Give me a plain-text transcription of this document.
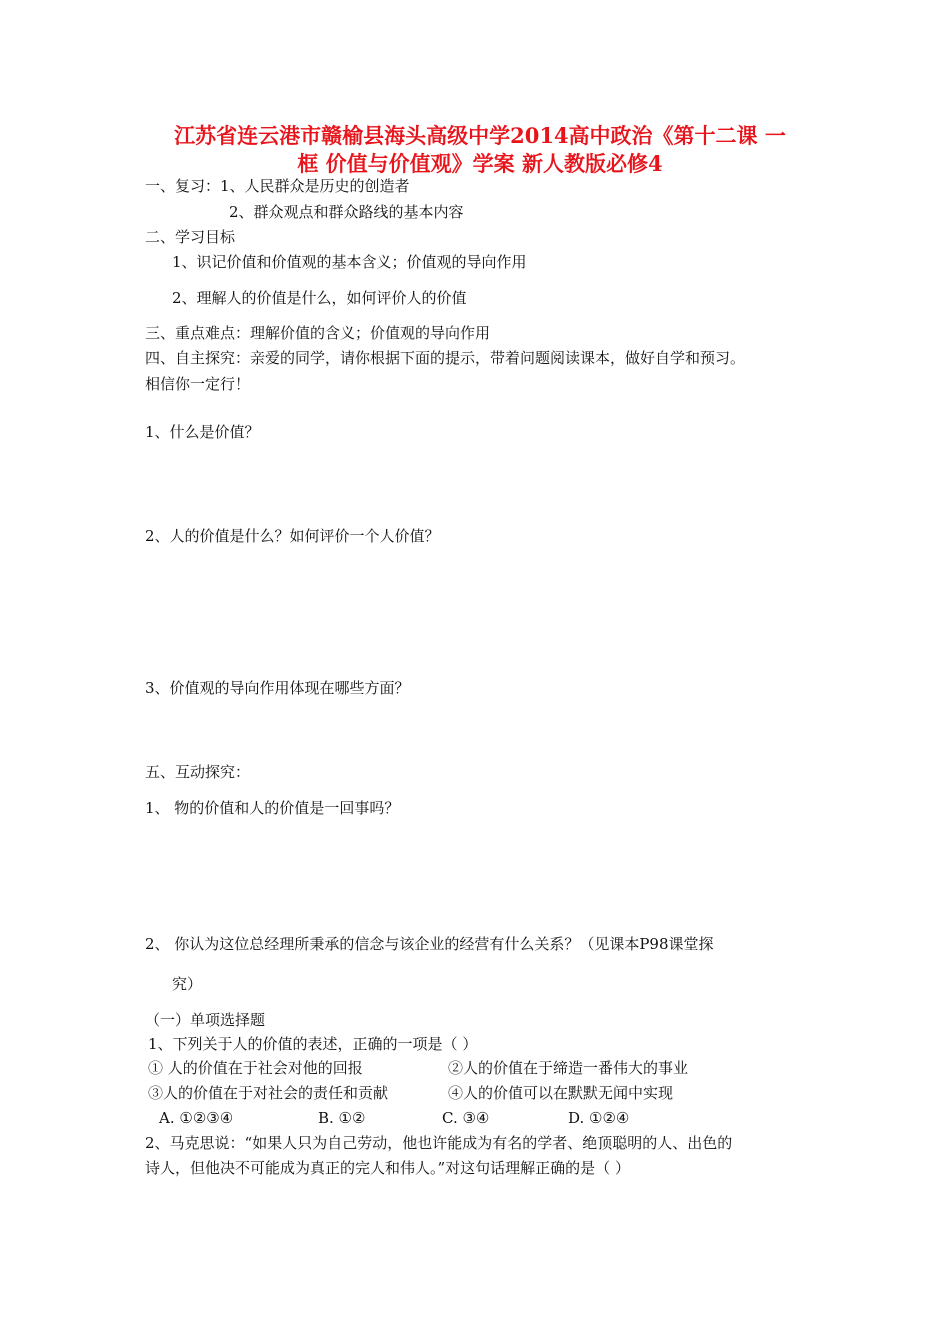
江苏省连云港市赣榆县海头高级中学2014高中政治《第十二课 一
框 价值与价值观》学案 新人教版必修4
一、复习：1、人民群众是历史的创造者
2、群众观点和群众路线的基本内容
二、学习目标
1、识记价值和价值观的基本含义；价值观的导向作用
2、理解人的价值是什么，如何评价人的价值
三、重点难点：理解价值的含义；价值观的导向作用
四、自主探究：亲爱的同学，请你根据下面的提示，带着问题阅读课本，做好自学和预习。
相信你一定行！
1、什么是价值？
2、人的价值是什么？如何评价一个人价值？
3、价值观的导向作用体现在哪些方面？
五、互动探究：
1、 物的价值和人的价值是一回事吗？
2、 你认为这位总经理所秉承的信念与该企业的经营有什么关系？（见课本P98课堂探
究）
（一）单项选择题
1、下列关于人的价值的表述，正确的一项是（ ）
① 人的价值在于社会对他的回报	②人的价值在于缔造一番伟大的事业
③人的价值在于对社会的责任和贡献	④人的价值可以在默默无闻中实现
A. ①②③④	B. ①②	C. ③④	D. ①②④
2、马克思说：“如果人只为自己劳动，他也许能成为有名的学者、绝顶聪明的人、出色的
诗人，但他决不可能成为真正的完人和伟人。”对这句话理解正确的是（ ）
